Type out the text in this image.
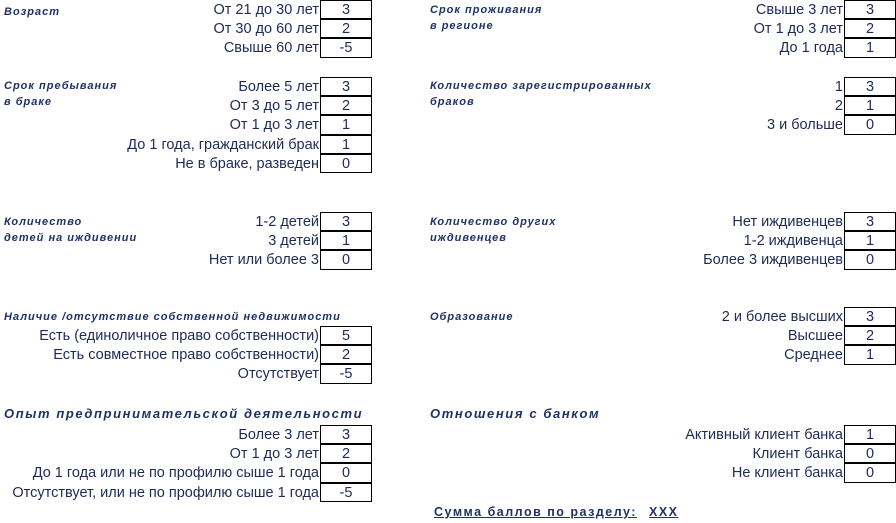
Возраст	От 21 до 30 лет	3
От 30 до 60 лет	2
Свыше 60 лет	-5
Срок пребывания
в браке
Более 5 лет	3
От 3 до 5 лет	2
От 1 до 3 лет	1
До 1 года, гражданский брак	1
Не в браке, разведен	0
Количество
детей на иждивении
1-2 детей	3
3 детей	1
Нет или более 3	0
Наличие /отсутствие собственной недвижимости
Есть (единоличное право собственности)	5
Есть совместное право собственности)	2
Отсутствует	-5
Опыт предпринимательской деятельности
Более 3 лет	3
От 1 до 3 лет	2
До 1 года или не по профилю сыше 1 года	0
Отсутствует, или не по профилю сыше 1 года	-5
Срок проживания
в регионе
Свыше 3 лет	3
От 1 до 3 лет	2
До 1 года	1
Количество зарегистрированных
браков
1	3
2	1
3 и больше	0
Количество других
иждивенцев
Нет иждивенцев	3
1-2 иждивенца	1
Более 3 иждивенцев	0
Образование	2 и более высших	3
Высшее	2
Среднее	1
Отношения с банком
Активный клиент банка	1
Клиент банка	0
Не клиент банка	0
Сумма баллов по разделу: XXX
